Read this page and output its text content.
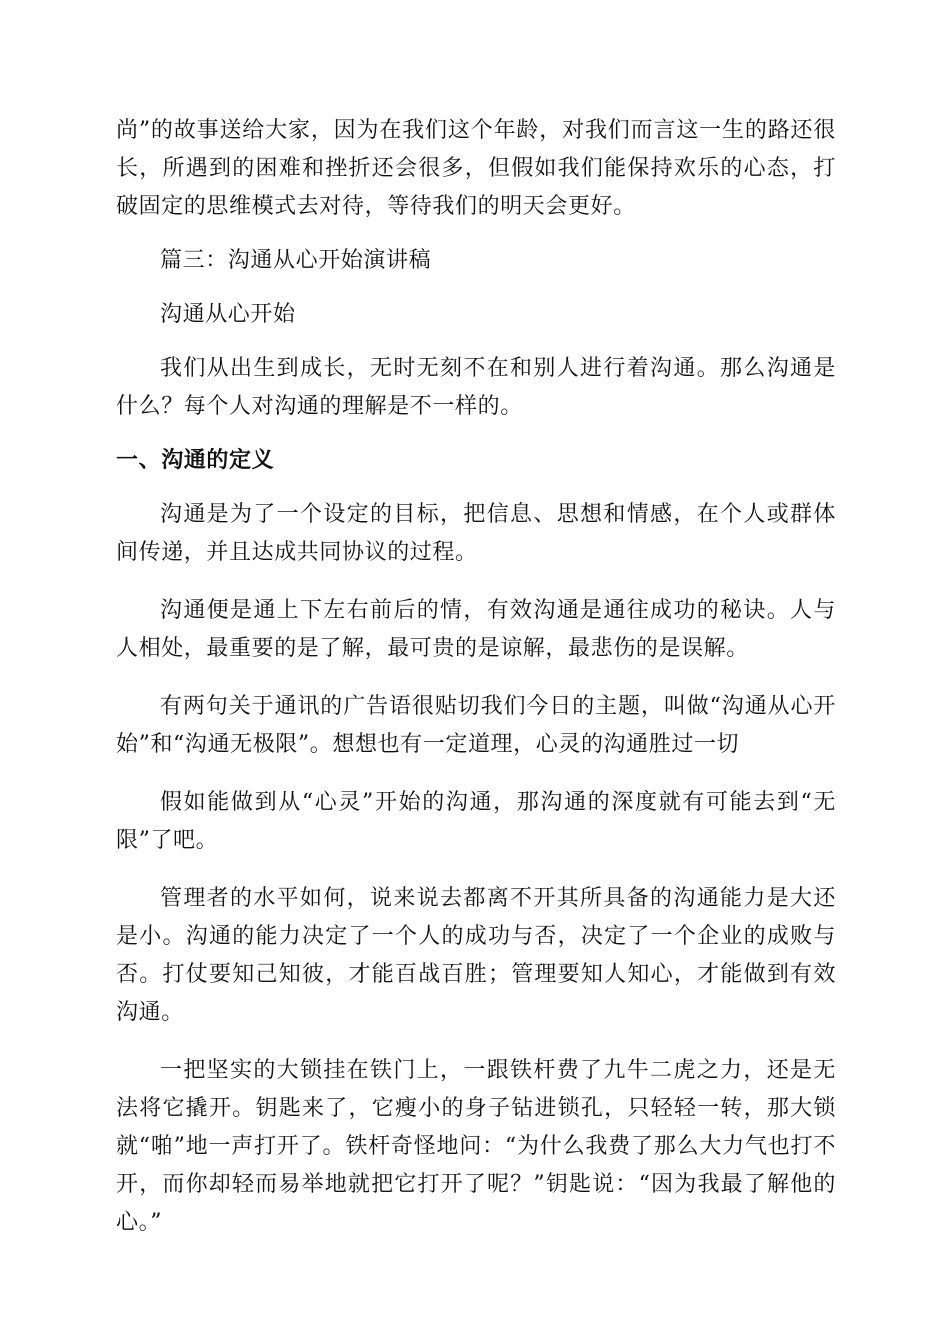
尚”的故事送给大家，因为在我们这个年龄，对我们而言这一生的路还很长，所遇到的困难和挫折还会很多，但假如我们能保持欢乐的心态，打破固定的思维模式去对待，等待我们的明天会更好。

篇三：沟通从心开始演讲稿

沟通从心开始

我们从出生到成长，无时无刻不在和别人进行着沟通。那么沟通是什么？每个人对沟通的理解是不一样的。

一、沟通的定义

沟通是为了一个设定的目标，把信息、思想和情感，在个人或群体间传递，并且达成共同协议的过程。

沟通便是通上下左右前后的情，有效沟通是通往成功的秘诀。人与人相处，最重要的是了解，最可贵的是谅解，最悲伤的是误解。

有两句关于通讯的广告语很贴切我们今日的主题，叫做“沟通从心开始”和“沟通无极限”。想想也有一定道理，心灵的沟通胜过一切

假如能做到从“心灵”开始的沟通，那沟通的深度就有可能去到“无限”了吧。

管理者的水平如何，说来说去都离不开其所具备的沟通能力是大还是小。沟通的能力决定了一个人的成功与否，决定了一个企业的成败与否。打仗要知己知彼，才能百战百胜；管理要知人知心，才能做到有效沟通。

一把坚实的大锁挂在铁门上，一跟铁杆费了九牛二虎之力，还是无法将它撬开。钥匙来了，它瘦小的身子钻进锁孔，只轻轻一转，那大锁就“啪”地一声打开了。铁杆奇怪地问：“为什么我费了那么大力气也打不开，而你却轻而易举地就把它打开了呢？”钥匙说：“因为我最了解他的心。”
